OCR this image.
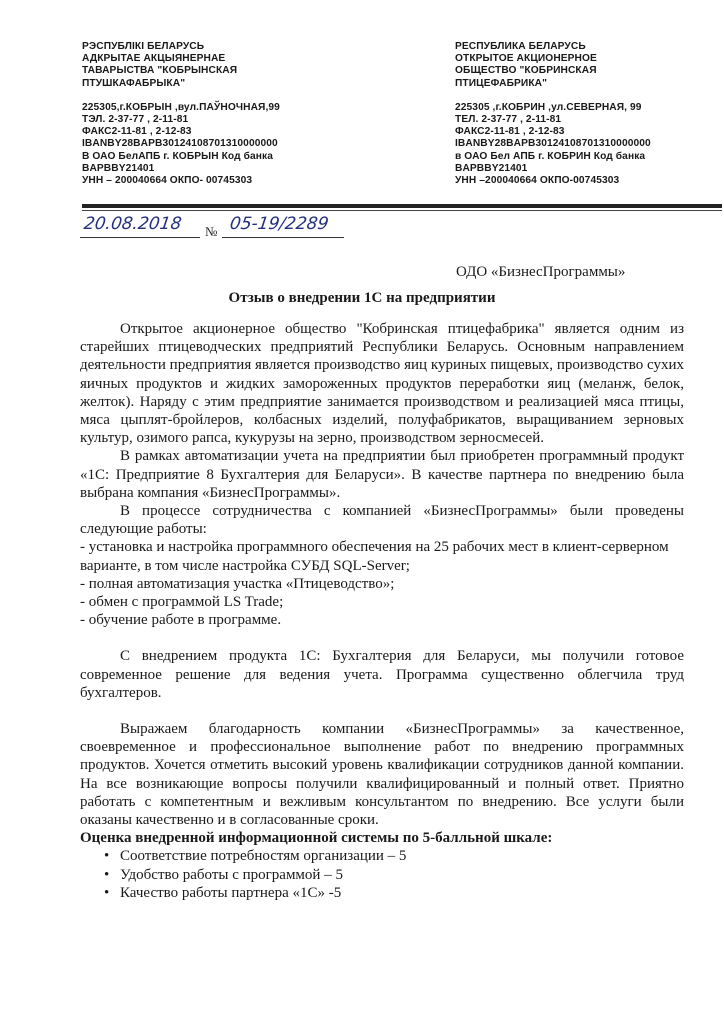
РЭСПУБЛІКІ БЕЛАРУСЬ
АДКРЫТАЕ АКЦЫЯНЕРНАЕ
ТАВАРЫСТВА "КОБРЫНСКАЯ
ПТУШКАФАБРЫКА"
225305,г.КОБРЫН ,вул.ПАЎНОЧНАЯ,99
ТЭЛ. 2-37-77 , 2-11-81
ФАКС2-11-81 , 2-12-83
IBANBY28BAPB30124108701310000000
В ОАО БелАПБ г. КОБРЫН Код банка
BAPBBY21401
УНН – 200040664 ОКПО- 00745303
РЕСПУБЛИКА БЕЛАРУСЬ
ОТКРЫТОЕ АКЦИОНЕРНОЕ
ОБЩЕСТВО "КОБРИНСКАЯ
ПТИЦЕФАБРИКА"
225305 ,г.КОБРИН ,ул.СЕВЕРНАЯ, 99
ТЕЛ. 2-37-77 , 2-11-81
ФАКС2-11-81 , 2-12-83
IBANBY28BAPB30124108701310000000
в ОАО Бел АПБ г. КОБРИН Код банка
BAPBBY21401
УНН –200040664 ОКПО-00745303
20.08.2018 № 05-19/2289
ОДО «БизнесПрограммы»
Отзыв о внедрении 1С на предприятии

Открытое акционерное общество "Кобринская птицефабрика" является одним из старейших птицеводческих предприятий Республики Беларусь. Основным направлением деятельности предприятия является производство яиц куриных пищевых, производство сухих яичных продуктов и жидких замороженных продуктов переработки яиц (меланж, белок, желток). Наряду с этим предприятие занимается производством и реализацией мяса птицы, мяса цыплят-бройлеров, колбасных изделий, полуфабрикатов, выращиванием зерновых культур, озимого рапса, кукурузы на зерно, производством зерносмесей.

В рамках автоматизации учета на предприятии был приобретен программный продукт «1С: Предприятие 8 Бухгалтерия для Беларуси». В качестве партнера по внедрению была выбрана компания «БизнесПрограммы».

В процессе сотрудничества с компанией «БизнесПрограммы» были проведены следующие работы:

- установка и настройка программного обеспечения на 25 рабочих мест в клиент-серверном варианте, в том числе настройка СУБД SQL-Server;

- полная автоматизация участка «Птицеводство»;

- обмен с программой LS Trade;

- обучение работе в программе.

С внедрением продукта 1С: Бухгалтерия для Беларуси, мы получили готовое современное решение для ведения учета. Программа существенно облегчила труд бухгалтеров.

Выражаем благодарность компании «БизнесПрограммы» за качественное, своевременное и профессиональное выполнение работ по внедрению программных продуктов. Хочется отметить высокий уровень квалификации сотрудников данной компании. На все возникающие вопросы получили квалифицированный и полный ответ. Приятно работать с компетентным и вежливым консультантом по внедрению. Все услуги были оказаны качественно и в согласованные сроки.

Оценка внедренной информационной системы по 5-балльной шкале:

• Соответствие потребностям организации – 5
• Удобство работы с программой – 5
• Качество работы партнера «1С» -5
